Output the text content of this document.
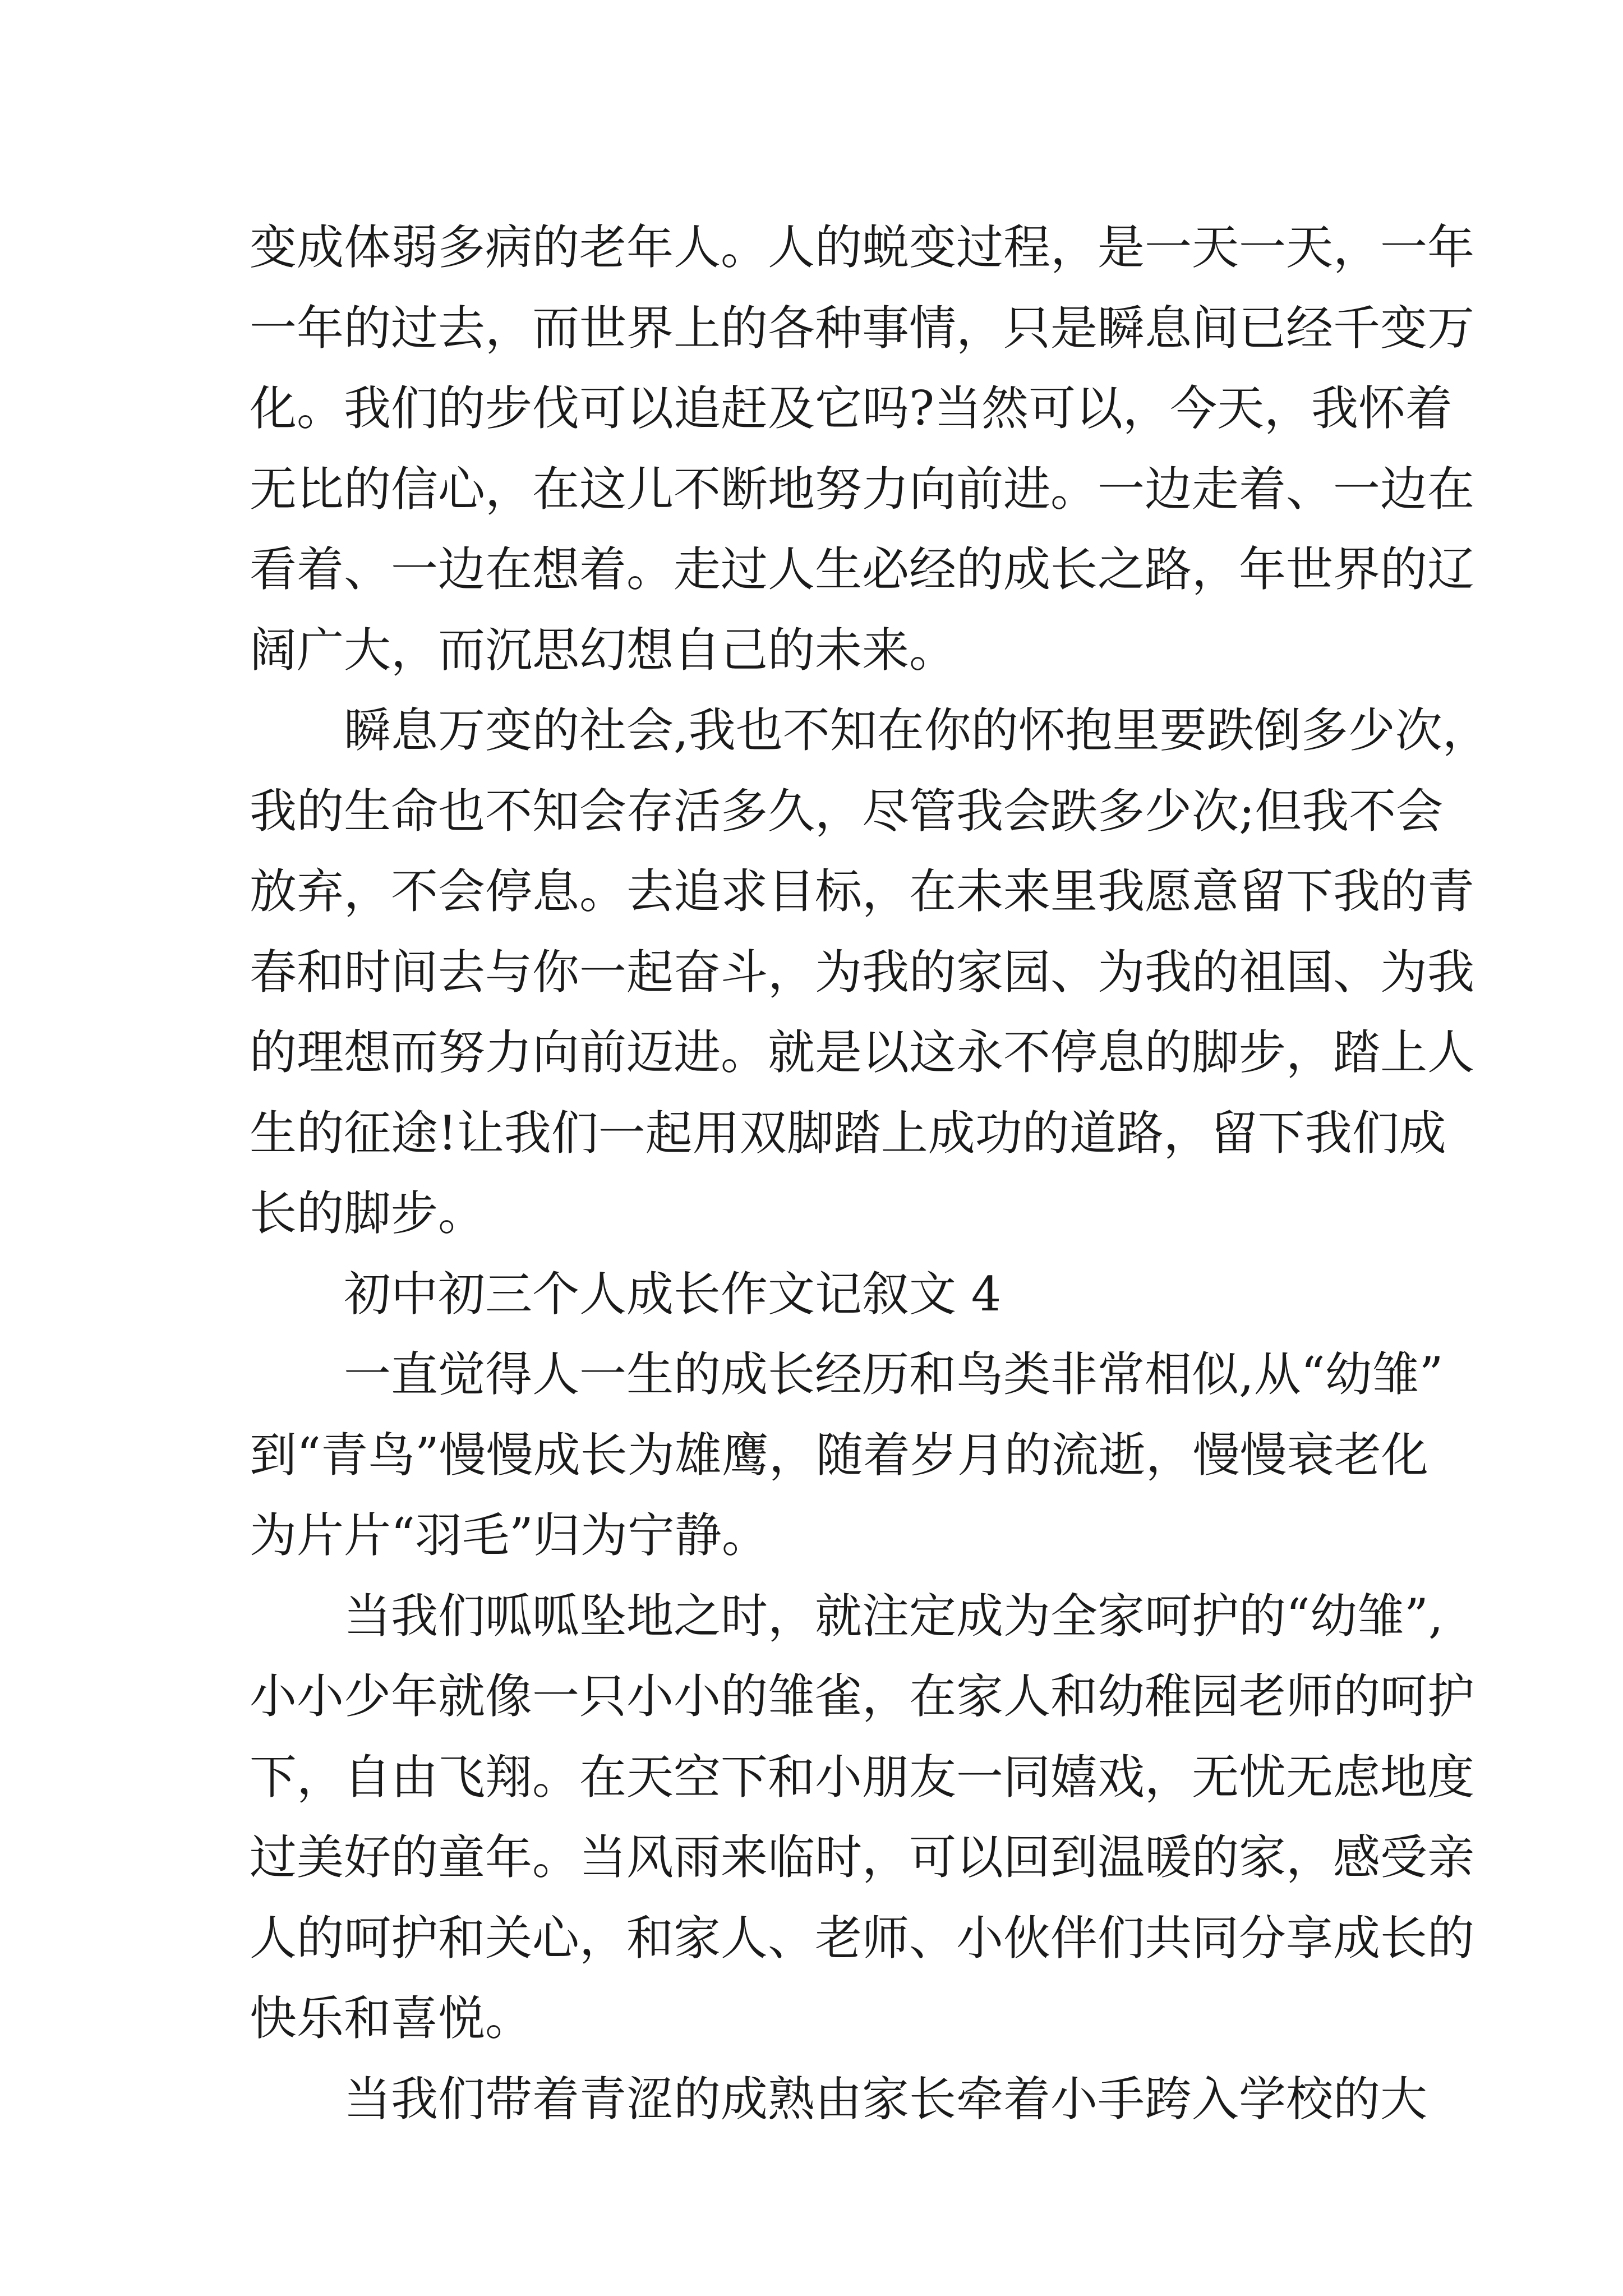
变成体弱多病的老年人。人的蜕变过程，是一天一天，一年
一年的过去，而世界上的各种事情，只是瞬息间已经千变万
化。我们的步伐可以追赶及它吗?当然可以，今天，我怀着
无比的信心，在这儿不断地努力向前进。一边走着、一边在
看着、一边在想着。走过人生必经的成长之路，年世界的辽
阔广大，而沉思幻想自己的未来。
瞬息万变的社会,我也不知在你的怀抱里要跌倒多少次，
我的生命也不知会存活多久，尽管我会跌多少次;但我不会
放弃，不会停息。去追求目标，在未来里我愿意留下我的青
春和时间去与你一起奋斗，为我的家园、为我的祖国、为我
的理想而努力向前迈进。就是以这永不停息的脚步，踏上人
生的征途!让我们一起用双脚踏上成功的道路，留下我们成
长的脚步。
初中初三个人成长作文记叙文 4
一直觉得人一生的成长经历和鸟类非常相似,从“幼雏”
到“青鸟”慢慢成长为雄鹰，随着岁月的流逝，慢慢衰老化
为片片“羽毛”归为宁静。
当我们呱呱坠地之时，就注定成为全家呵护的“幼雏”,
小小少年就像一只小小的雏雀，在家人和幼稚园老师的呵护
下，自由飞翔。在天空下和小朋友一同嬉戏，无忧无虑地度
过美好的童年。当风雨来临时，可以回到温暖的家，感受亲
人的呵护和关心，和家人、老师、小伙伴们共同分享成长的
快乐和喜悦。
当我们带着青涩的成熟由家长牵着小手跨入学校的大
